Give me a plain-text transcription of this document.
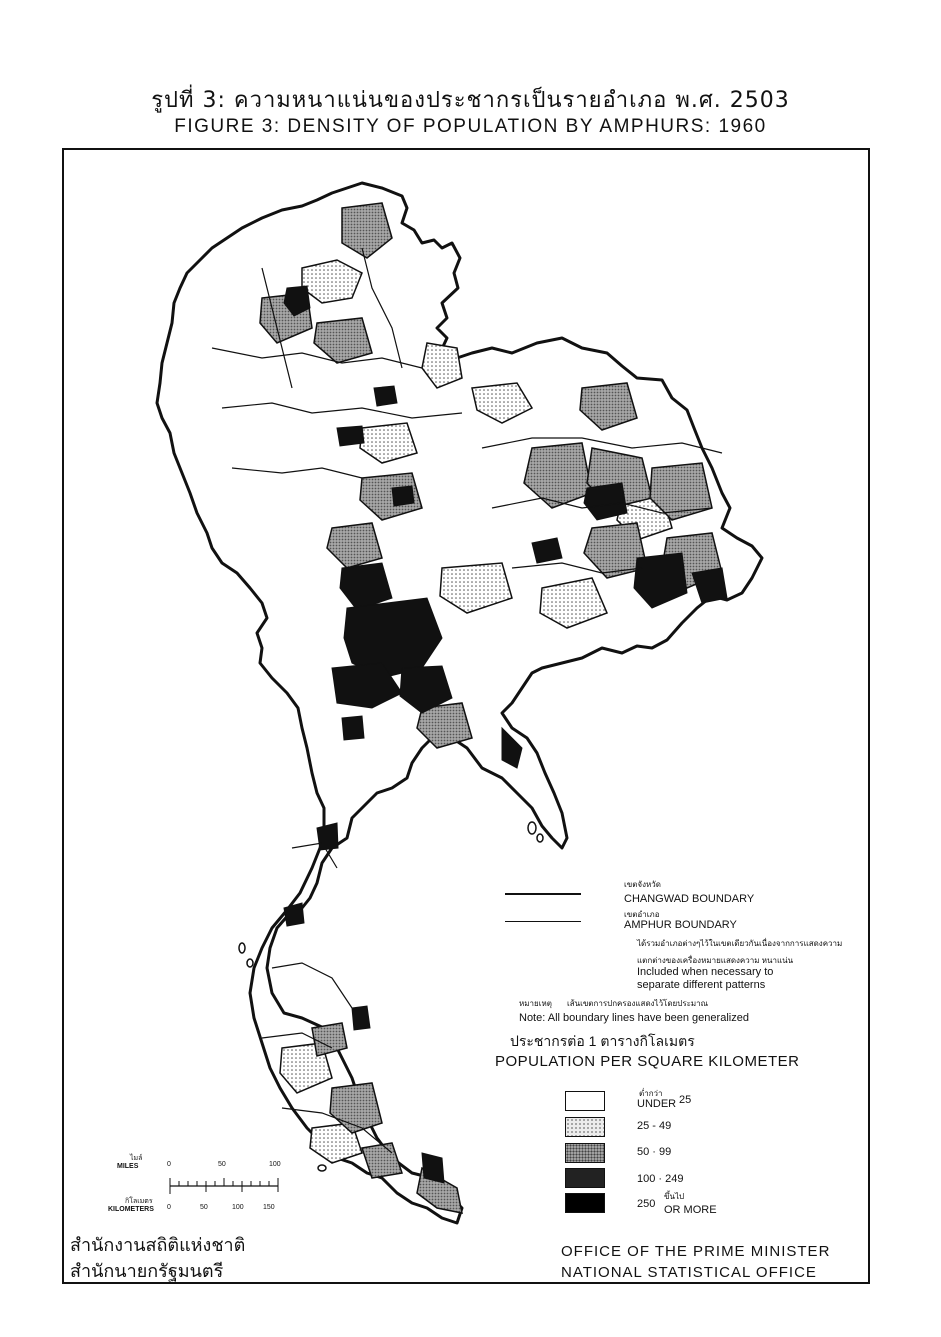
รูปที่ 3: ความหนาแน่นของประชากรเป็นรายอำเภอ พ.ศ. 2503
FIGURE 3: DENSITY OF POPULATION BY AMPHURS: 1960
เขตจังหวัด
CHANGWAD BOUNDARY
เขตอำเภอ
AMPHUR BOUNDARY
ได้รวมอำเภอต่างๆไว้ในเขตเดียวกันเนื่องจากการแสดงความ
แตกต่างของเครื่องหมายแสดงความ หนาแน่น
Included when necessary to
separate different patterns
หมายเหตุ เส้นเขตการปกครองแสดงไว้โดยประมาณ
Note: All boundary lines have been generalized
ประชากรต่อ 1 ตารางกิโลเมตร
POPULATION PER SQUARE KILOMETER
ต่ำกว่า
UNDER 25
25 - 49
50 · 99
100 · 249
250
ขึ้นไป
OR MORE
ไมล์
MILES	0	50	100
กิโลเมตร
KILOMETERS 0	50	100	150
สำนักงานสถิติแห่งชาติ
สำนักนายกรัฐมนตรี
OFFICE OF THE PRIME MINISTER
NATIONAL STATISTICAL OFFICE
